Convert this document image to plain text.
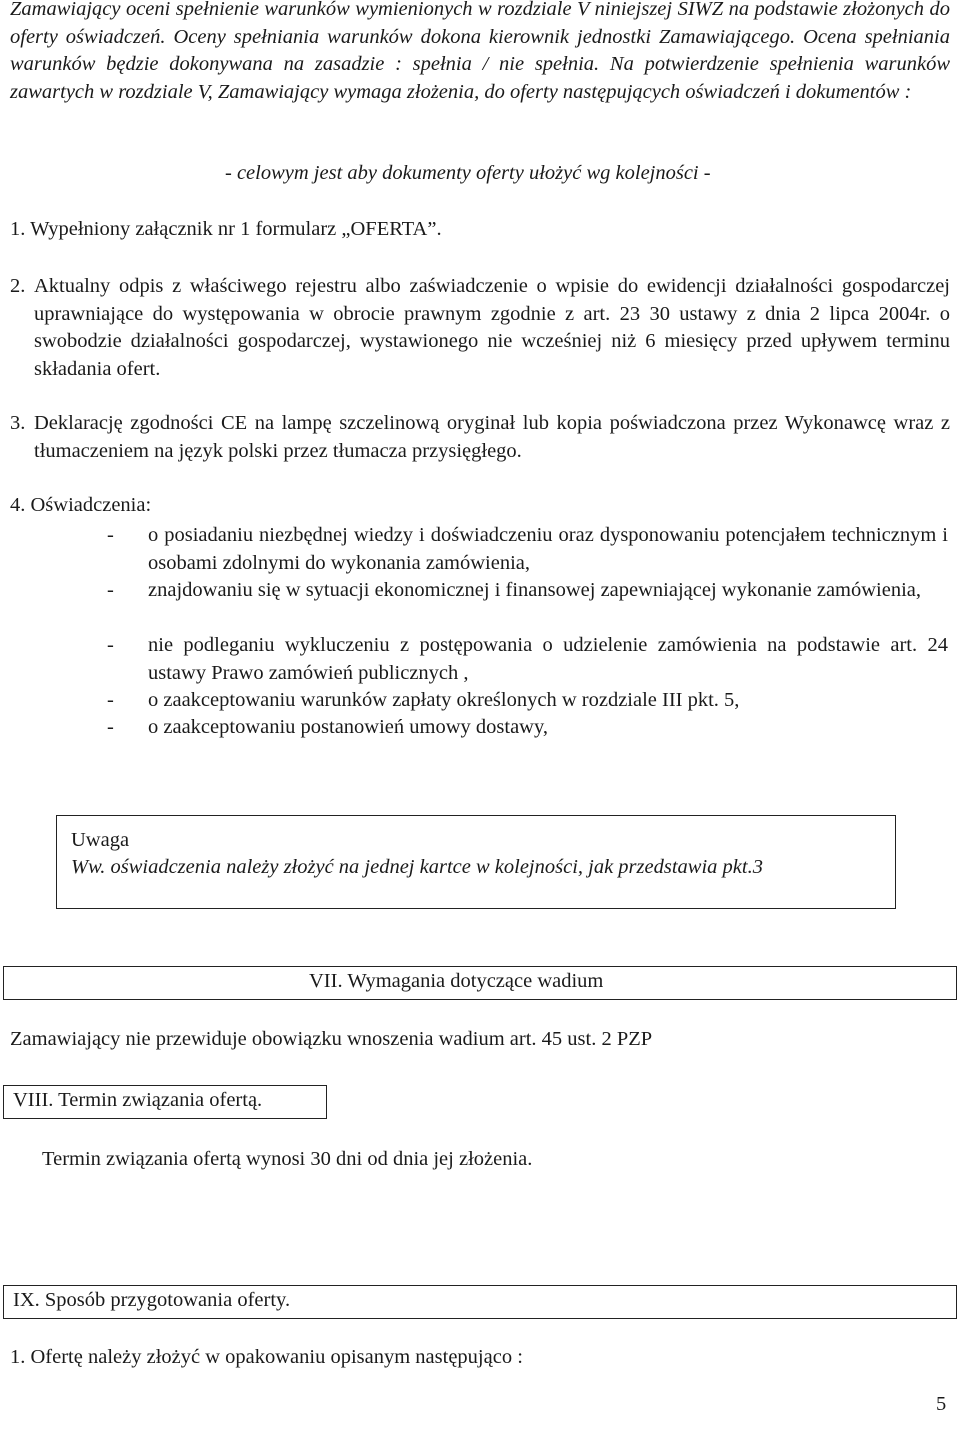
Zamawiający oceni spełnienie warunków wymienionych w rozdziale V niniejszej SIWZ na podstawie złożonych do oferty oświadczeń. Oceny spełniania warunków dokona kierownik jednostki Zamawiającego. Ocena spełniania warunków będzie dokonywana na zasadzie : spełnia / nie spełnia. Na potwierdzenie spełnienia warunków zawartych w rozdziale V, Zamawiający wymaga złożenia, do oferty następujących oświadczeń i dokumentów :
- celowym jest aby dokumenty oferty ułożyć wg kolejności -
1. Wypełniony załącznik nr 1 formularz „OFERTA”.
2. Aktualny odpis z właściwego rejestru albo zaświadczenie o wpisie do ewidencji działalności gospodarczej uprawniające do występowania w obrocie prawnym zgodnie z art. 23 30 ustawy z dnia 2 lipca 2004r. o swobodzie działalności gospodarczej, wystawionego nie wcześniej niż 6 miesięcy przed upływem terminu składania ofert.
3. Deklarację zgodności CE na lampę szczelinową oryginał lub kopia poświadczona przez Wykonawcę wraz z tłumaczeniem na język polski przez tłumacza przysięgłego.
4. Oświadczenia:
- o posiadaniu niezbędnej wiedzy i doświadczeniu oraz dysponowaniu potencjałem technicznym i osobami zdolnymi do wykonania zamówienia,
- znajdowaniu się w sytuacji ekonomicznej i finansowej zapewniającej wykonanie zamówienia,
- nie podleganiu wykluczeniu z postępowania o udzielenie zamówienia na podstawie art. 24 ustawy Prawo zamówień publicznych ,
- o zaakceptowaniu warunków zapłaty określonych w rozdziale III pkt. 5,
- o zaakceptowaniu postanowień umowy dostawy,
Uwaga
Ww. oświadczenia należy złożyć na jednej kartce w kolejności, jak przedstawia pkt.3
VII. Wymagania dotyczące wadium
Zamawiający nie przewiduje obowiązku wnoszenia wadium art. 45 ust. 2 PZP
VIII. Termin związania ofertą.
Termin związania ofertą wynosi 30 dni od dnia jej złożenia.
IX. Sposób przygotowania oferty.
1. Ofertę należy złożyć w opakowaniu opisanym następująco :
5
